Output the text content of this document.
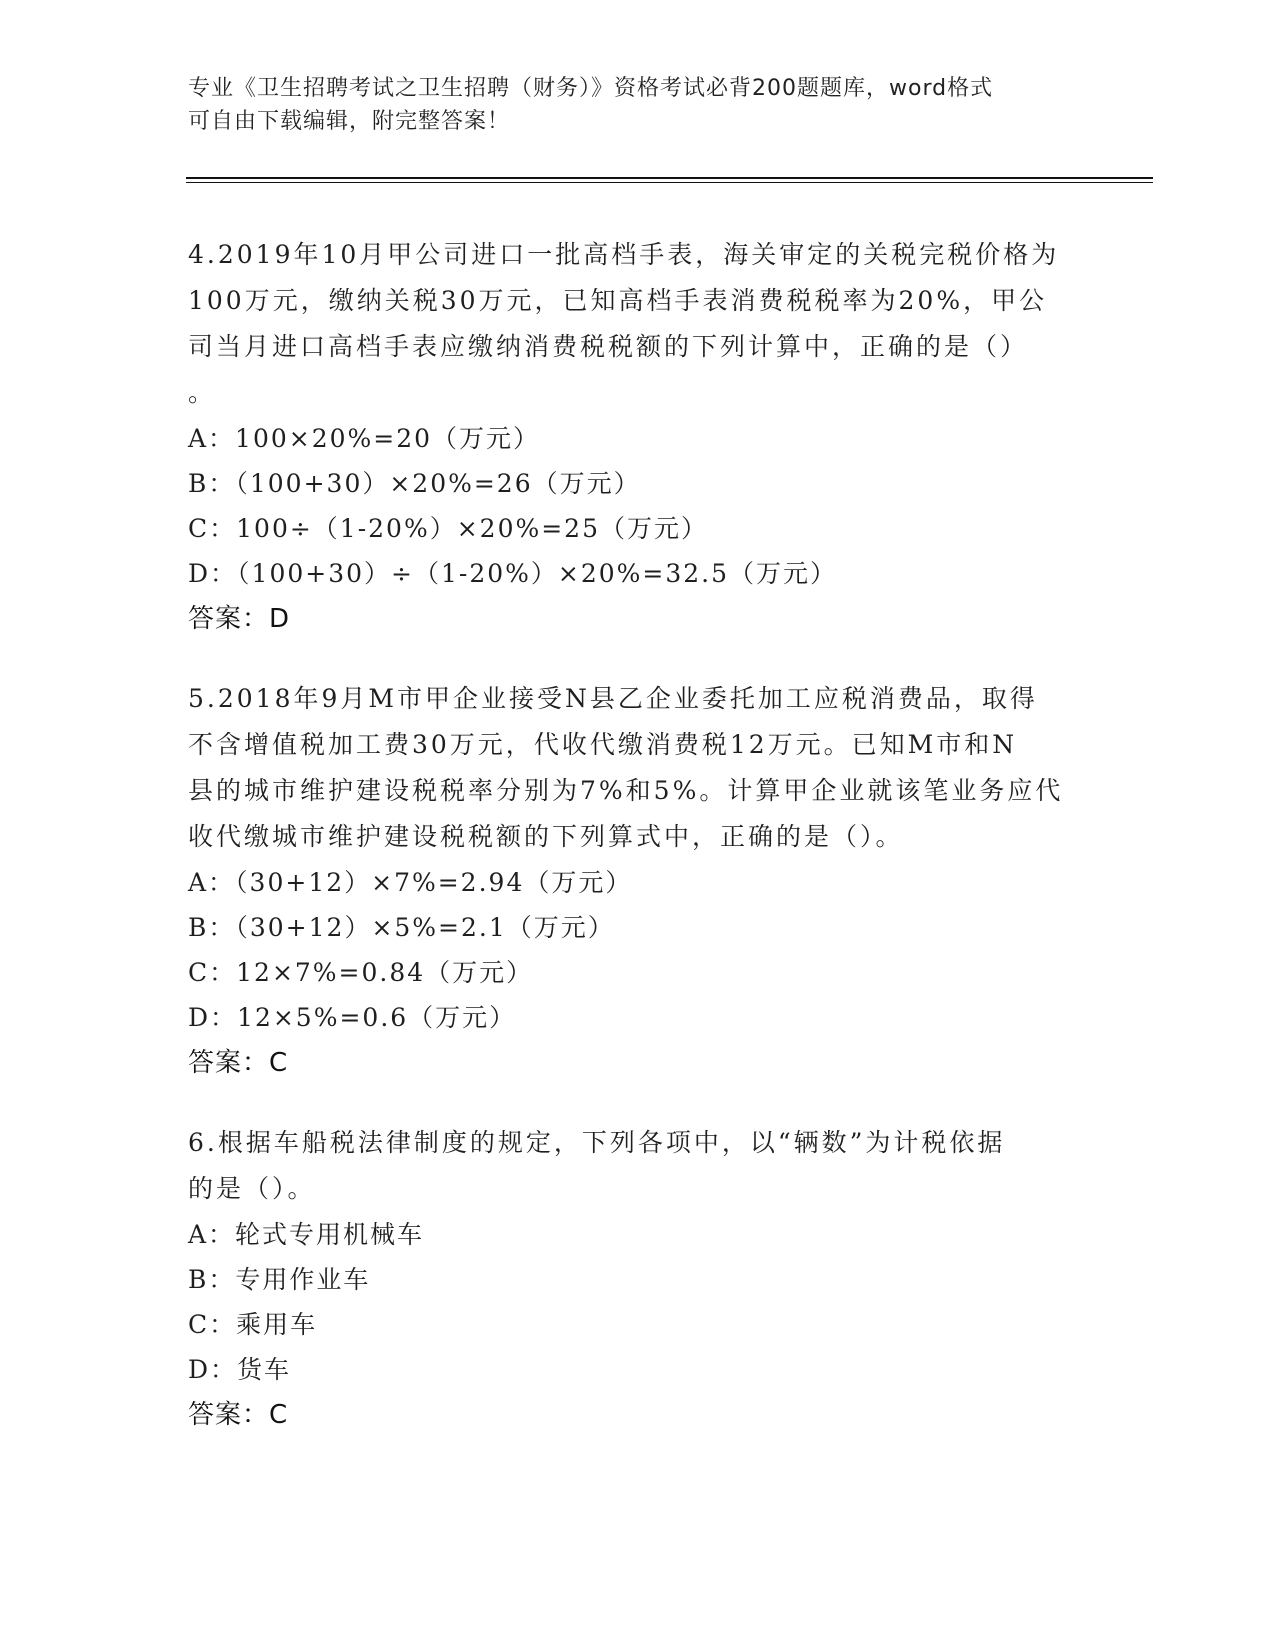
专业《卫生招聘考试之卫生招聘（财务）》资格考试必背200题题库，word格式
可自由下载编辑，附完整答案！
4.2019年10月甲公司进口一批高档手表，海关审定的关税完税价格为
100万元，缴纳关税30万元，已知高档手表消费税税率为20%，甲公
司当月进口高档手表应缴纳消费税税额的下列计算中，正确的是（）
。
A：100×20%=20（万元）
B：（100+30）×20%=26（万元）
C：100÷（1-20%）×20%=25（万元）
D：（100+30）÷（1-20%）×20%=32.5（万元）
答案：D
5.2018年9月M市甲企业接受N县乙企业委托加工应税消费品，取得
不含增值税加工费30万元，代收代缴消费税12万元。已知M市和N
县的城市维护建设税税率分别为7%和5%。计算甲企业就该笔业务应代
收代缴城市维护建设税税额的下列算式中，正确的是（）。
A：（30+12）×7%=2.94（万元）
B：（30+12）×5%=2.1（万元）
C：12×7%=0.84（万元）
D：12×5%=0.6（万元）
答案：C
6.根据车船税法律制度的规定，下列各项中，以“辆数”为计税依据
的是（）。
A：轮式专用机械车
B：专用作业车
C：乘用车
D：货车
答案：C
